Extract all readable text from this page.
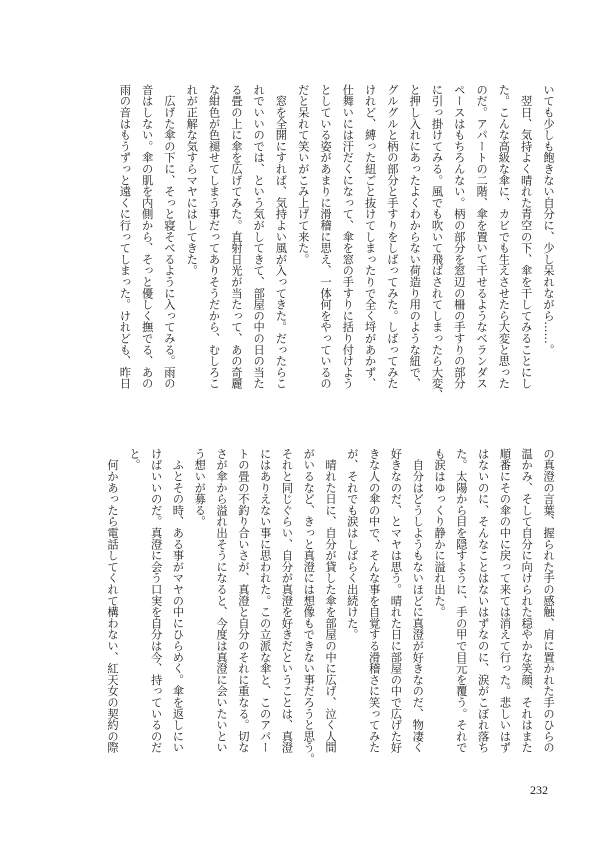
いても少しも飽きない自分に、少し呆れながら……。
　翌日、気持よく晴れた青空の下、傘を干してみることにし
た。こんな高級な傘に、カビでも生えさせたら大変と思った
のだ。アパートの二階、傘を置いて干せるようなベランダス
ペースはもちろんない。柄の部分を窓辺の柵の手すりの部分
に引っ掛けてみる。風でも吹いて飛ばされてしまったら大変、
と押し入れにあったよくわからない荷造り用のような紐で、
グルグルと柄の部分と手すりをしばってみた。しばってみた
けれど、縛った紐ごと抜けてしまったりで全く埒があかず、
仕舞いには汗だくになって、傘を窓の手すりに括り付けよう
としている姿があまりに滑稽に思え、一体何をやっているの
だと呆れて笑いがこみ上げて来た。
　窓を全開にすれば、気持よい風が入ってきた。だったらこ
れでいいのでは、という気がしてきて、部屋の中の日の当た
る畳の上に傘を広げてみた。直射日光が当たって、あの奇麗
な紺色が色褪せてしまう事だってありそうだから、むしろこ
れが正解な気すらマヤにはしてきた。
　広げた傘の下に、そっと寝そべるように入ってみる。雨の
音はしない。傘の肌を内側から、そっと優しく撫でる、あの
雨の音はもうずっと遠くに行ってしまった。けれども、昨日
の真澄の言葉、握られた手の感触、肩に置かれた手のひらの
温かみ、そして自分に向けられた穏やかな笑顔、それはまた
順番にその傘の中に戻って来ては消えて行った。悲しいはず
はないのに、そんなことはないはずなのに、涙がこぼれ落ち
た。太陽から目を隠すように、手の甲で目元を覆う。それで
も涙はゆっくり静かに溢れ出た。
　自分はどうしようもないほどに真澄が好きなのだ、物凄く
好きなのだ、とマヤは思う。晴れた日に部屋の中で広げた好
きな人の傘の中で、そんな事を自覚する滑稽さに笑ってみた
が、それでも涙はしばらく出続けた。
　晴れた日に、自分が貸した傘を部屋の中に広げ、泣く人間
がいるなど、きっと真澄には想像もできない事だろうと思う。
それと同じぐらい、自分が真澄を好きだということは、真澄
にはありえない事に思われた。この立派な傘と、このアパー
トの畳の不釣り合いさが、真澄と自分のそれに重なる。切な
さが傘から溢れ出そうになると、今度は真澄に会いたいとい
う想いが募る。
　ふとその時、ある事がマヤの中にひらめく。傘を返しにい
けばいいのだ。真澄に会う口実を自分は今、持っているのだ
と。
　何かあったら電話してくれて構わない、紅天女の契約の際
232
